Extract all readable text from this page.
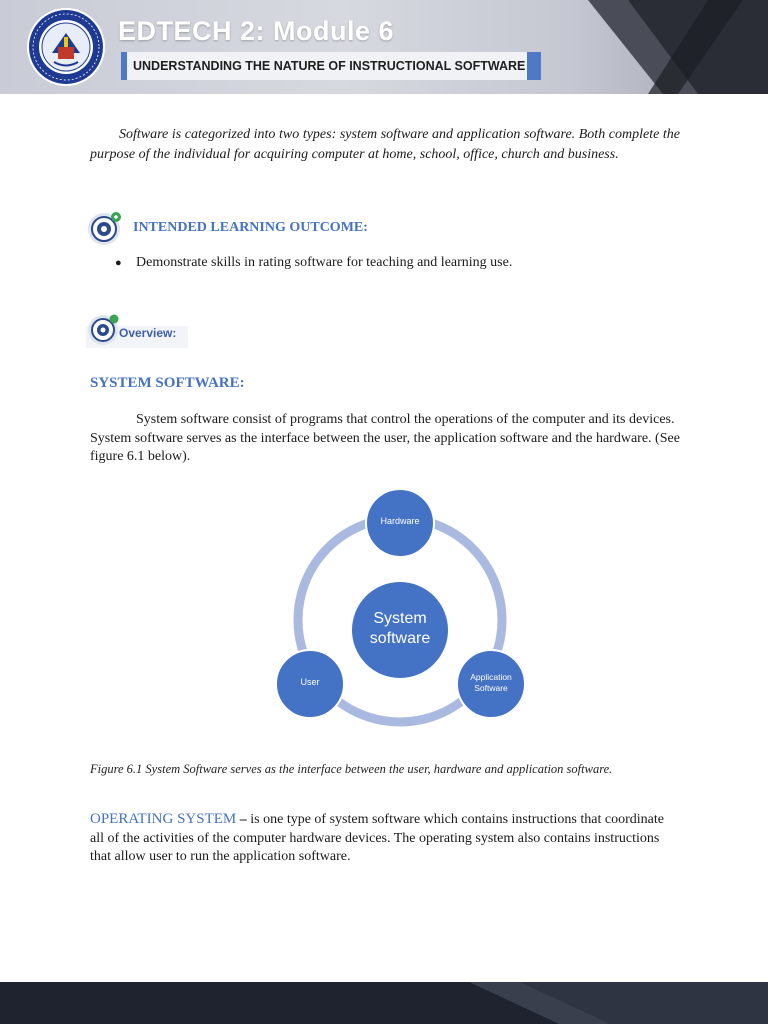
EDTECH 2: Module 6
UNDERSTANDING THE NATURE OF INSTRUCTIONAL SOFTWARE
Software is categorized into two types: system software and application software. Both complete the purpose of the individual for acquiring computer at home, school, office, church and business.
INTENDED LEARNING OUTCOME:
● Demonstrate skills in rating software for teaching and learning use.
Overview:
SYSTEM SOFTWARE:
System software consist of programs that control the operations of the computer and its devices. System software serves as the interface between the user, the application software and the hardware. (See figure 6.1 below).
Hardware
User	Application
Software
System
software
Figure 6.1 System Software serves as the interface between the user, hardware and application software.
OPERATING SYSTEM – is one type of system software which contains instructions that coordinate all of the activities of the computer hardware devices. The operating system also contains instructions that allow user to run the application software.
